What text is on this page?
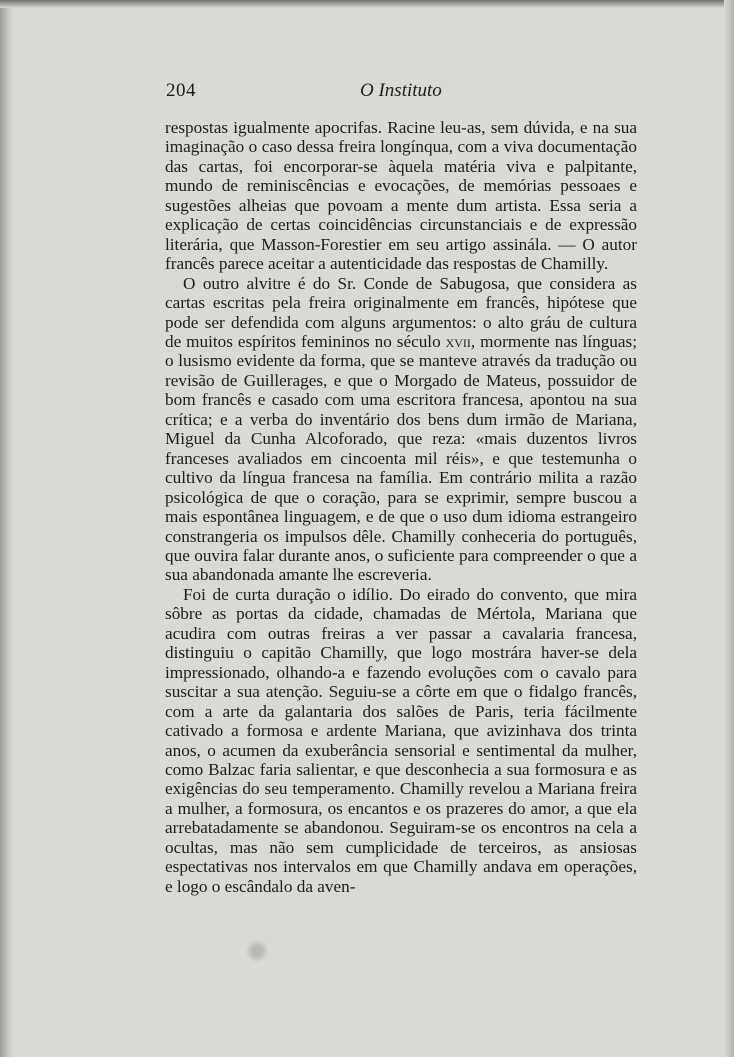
204	O Instituto

respostas igualmente apocrifas. Racine leu-as, sem dúvida, e na sua imaginação o caso dessa freira longínqua, com a viva documentação das cartas, foi encorporar-se àquela matéria viva e palpitante, mundo de reminiscências e evocações, de memórias pessoaes e sugestões alheias que povoam a mente dum artista. Essa seria a explicação de certas coincidências circunstanciais e de expressão literária, que Masson-Forestier em seu artigo assinála. — O autor francês parece aceitar a autenticidade das respostas de Chamilly.

O outro alvitre é do Sr. Conde de Sabugosa, que considera as cartas escritas pela freira originalmente em francês, hipótese que pode ser defendida com alguns argumentos: o alto gráu de cultura de muitos espíritos femininos no século xvii, mormente nas línguas; o lusismo evidente da forma, que se manteve através da tradução ou revisão de Guillerages, e que o Morgado de Mateus, possuidor de bom francês e casado com uma escritora francesa, apontou na sua crítica; e a verba do inventário dos bens dum irmão de Mariana, Miguel da Cunha Alcoforado, que reza: «mais duzentos livros franceses avaliados em cincoenta mil réis», e que testemunha o cultivo da língua francesa na família. Em contrário milita a razão psicológica de que o coração, para se exprimir, sempre buscou a mais espontânea linguagem, e de que o uso dum idioma estrangeiro constrangeria os impulsos dêle. Chamilly conheceria do português, que ouvira falar durante anos, o suficiente para compreender o que a sua abandonada amante lhe escreveria.

Foi de curta duração o idílio. Do eirado do convento, que mira sôbre as portas da cidade, chamadas de Mértola, Mariana que acudira com outras freiras a ver passar a cavalaria francesa, distinguiu o capitão Chamilly, que logo mostrára haver-se dela impressionado, olhando-a e fazendo evoluções com o cavalo para suscitar a sua atenção. Seguiu-se a côrte em que o fidalgo francês, com a arte da galantaria dos salões de Paris, teria fácilmente cativado a formosa e ardente Mariana, que avizinhava dos trinta anos, o acumen da exuberância sensorial e sentimental da mulher, como Balzac faria salientar, e que desconhecia a sua formosura e as exigências do seu temperamento. Chamilly revelou a Mariana freira a mulher, a formosura, os encantos e os prazeres do amor, a que ela arrebatadamente se abandonou. Seguiram-se os encontros na cela a ocultas, mas não sem cumplicidade de terceiros, as ansiosas espectativas nos intervalos em que Chamilly andava em operações, e logo o escândalo da aven-
